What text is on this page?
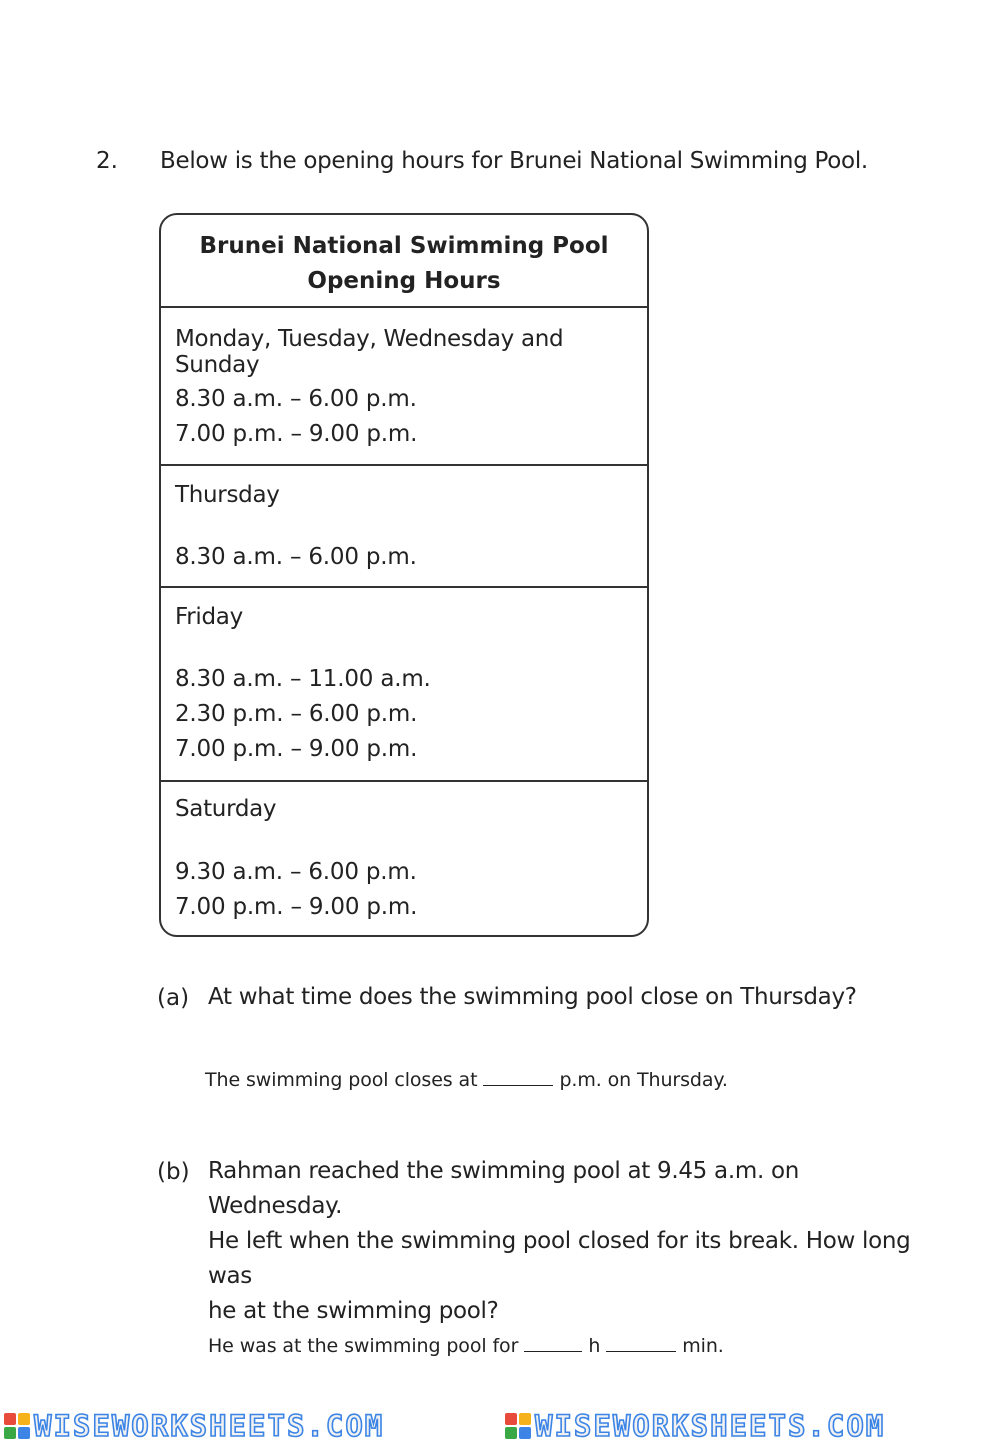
2. Below is the opening hours for Brunei National Swimming Pool.
Brunei National Swimming Pool
Opening Hours
Monday, Tuesday, Wednesday and Sunday
8.30 a.m. – 6.00 p.m.
7.00 p.m. – 9.00 p.m.
Thursday
8.30 a.m. – 6.00 p.m.
Friday
8.30 a.m. – 11.00 a.m.
2.30 p.m. – 6.00 p.m.
7.00 p.m. – 9.00 p.m.
Saturday
9.30 a.m. – 6.00 p.m.
7.00 p.m. – 9.00 p.m.
(a) At what time does the swimming pool close on Thursday?
The swimming pool closes at	p.m. on Thursday.
(b) Rahman reached the swimming pool at 9.45 a.m. on Wednesday.
He left when the swimming pool closed for its break. How long was
he at the swimming pool?
He was at the swimming pool for	h	min.
WISEWORKSHEETS.COM	WISEWORKSHEETS.COM
